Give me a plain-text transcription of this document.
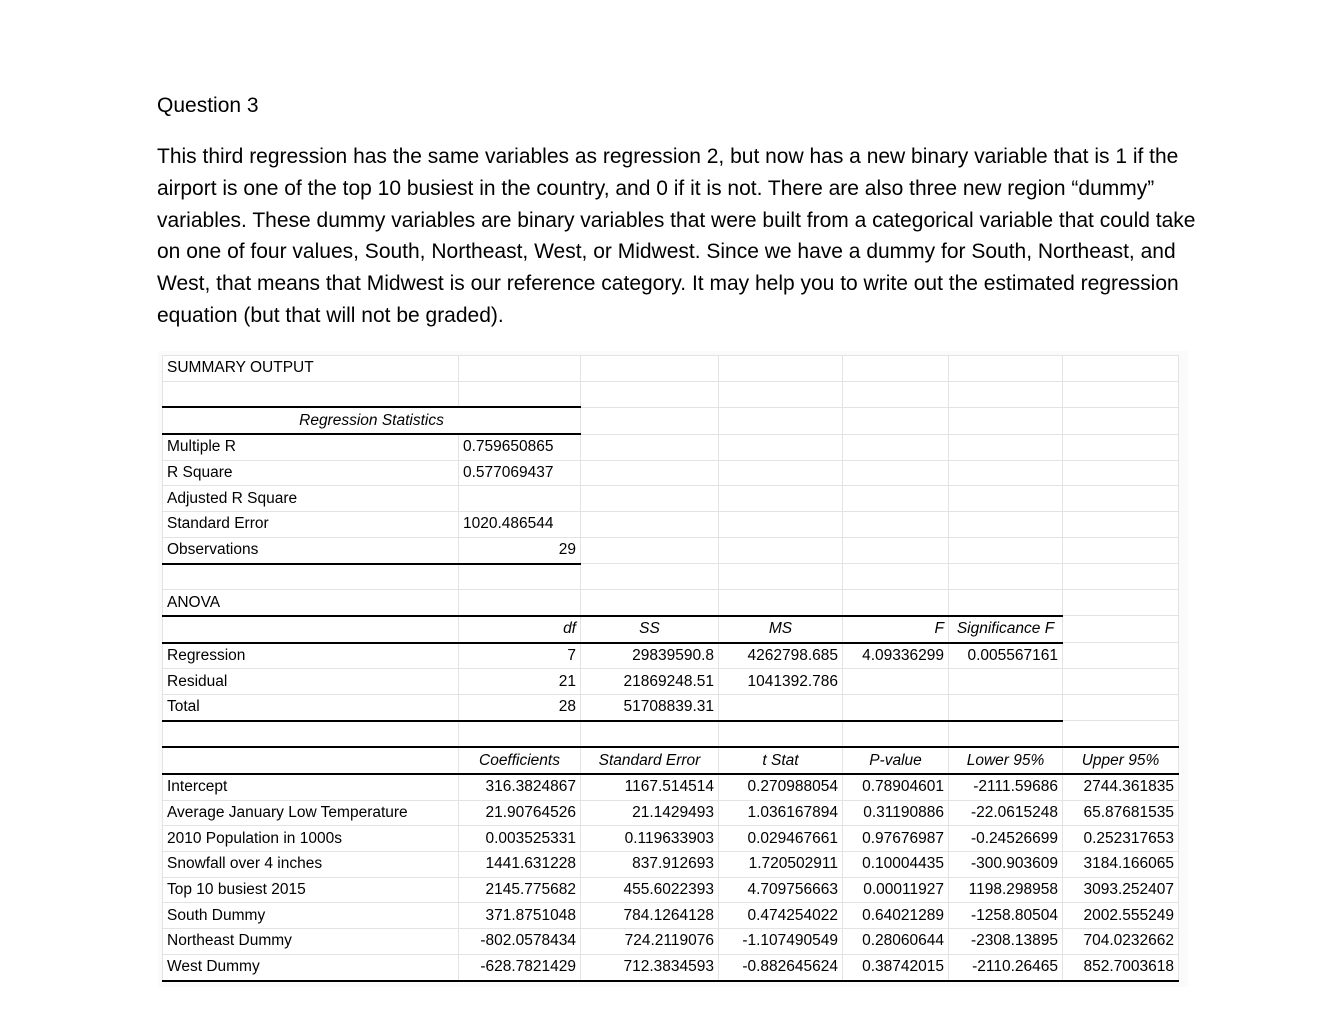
Question 3

This third regression has the same variables as regression 2, but now has a new binary variable that is 1 if the airport is one of the top 10 busiest in the country, and 0 if it is not. There are also three new region “dummy” variables. These dummy variables are binary variables that were built from a categorical variable that could take on one of four values, South, Northeast, West, or Midwest. Since we have a dummy for South, Northeast, and West, that means that Midwest is our reference category. It may help you to write out the estimated regression equation (but that will not be graded).

SUMMARY OUTPUT						

Regression Statistics						
Multiple R	0.759650865					
R Square	0.577069437					
Adjusted R Square						
Standard Error	1020.486544					
Observations	29					

ANOVA						
	df	SS	MS	F	Significance F	
Regression	7	29839590.8	4262798.685	4.09336299	0.005567161	
Residual	21	21869248.51	1041392.786			
Total	28	51708839.31				

	Coefficients	Standard Error	t Stat	P-value	Lower 95%	Upper 95%
Intercept	316.3824867	1167.514514	0.270988054	0.78904601	-2111.59686	2744.361835
Average January Low Temperature	21.90764526	21.1429493	1.036167894	0.31190886	-22.0615248	65.87681535
2010 Population in 1000s	0.003525331	0.119633903	0.029467661	0.97676987	-0.24526699	0.252317653
Snowfall over 4 inches	1441.631228	837.912693	1.720502911	0.10004435	-300.903609	3184.166065
Top 10 busiest 2015	2145.775682	455.6022393	4.709756663	0.00011927	1198.298958	3093.252407
South Dummy	371.8751048	784.1264128	0.474254022	0.64021289	-1258.80504	2002.555249
Northeast Dummy	-802.0578434	724.2119076	-1.107490549	0.28060644	-2308.13895	704.0232662
West Dummy	-628.7821429	712.3834593	-0.882645624	0.38742015	-2110.26465	852.7003618
